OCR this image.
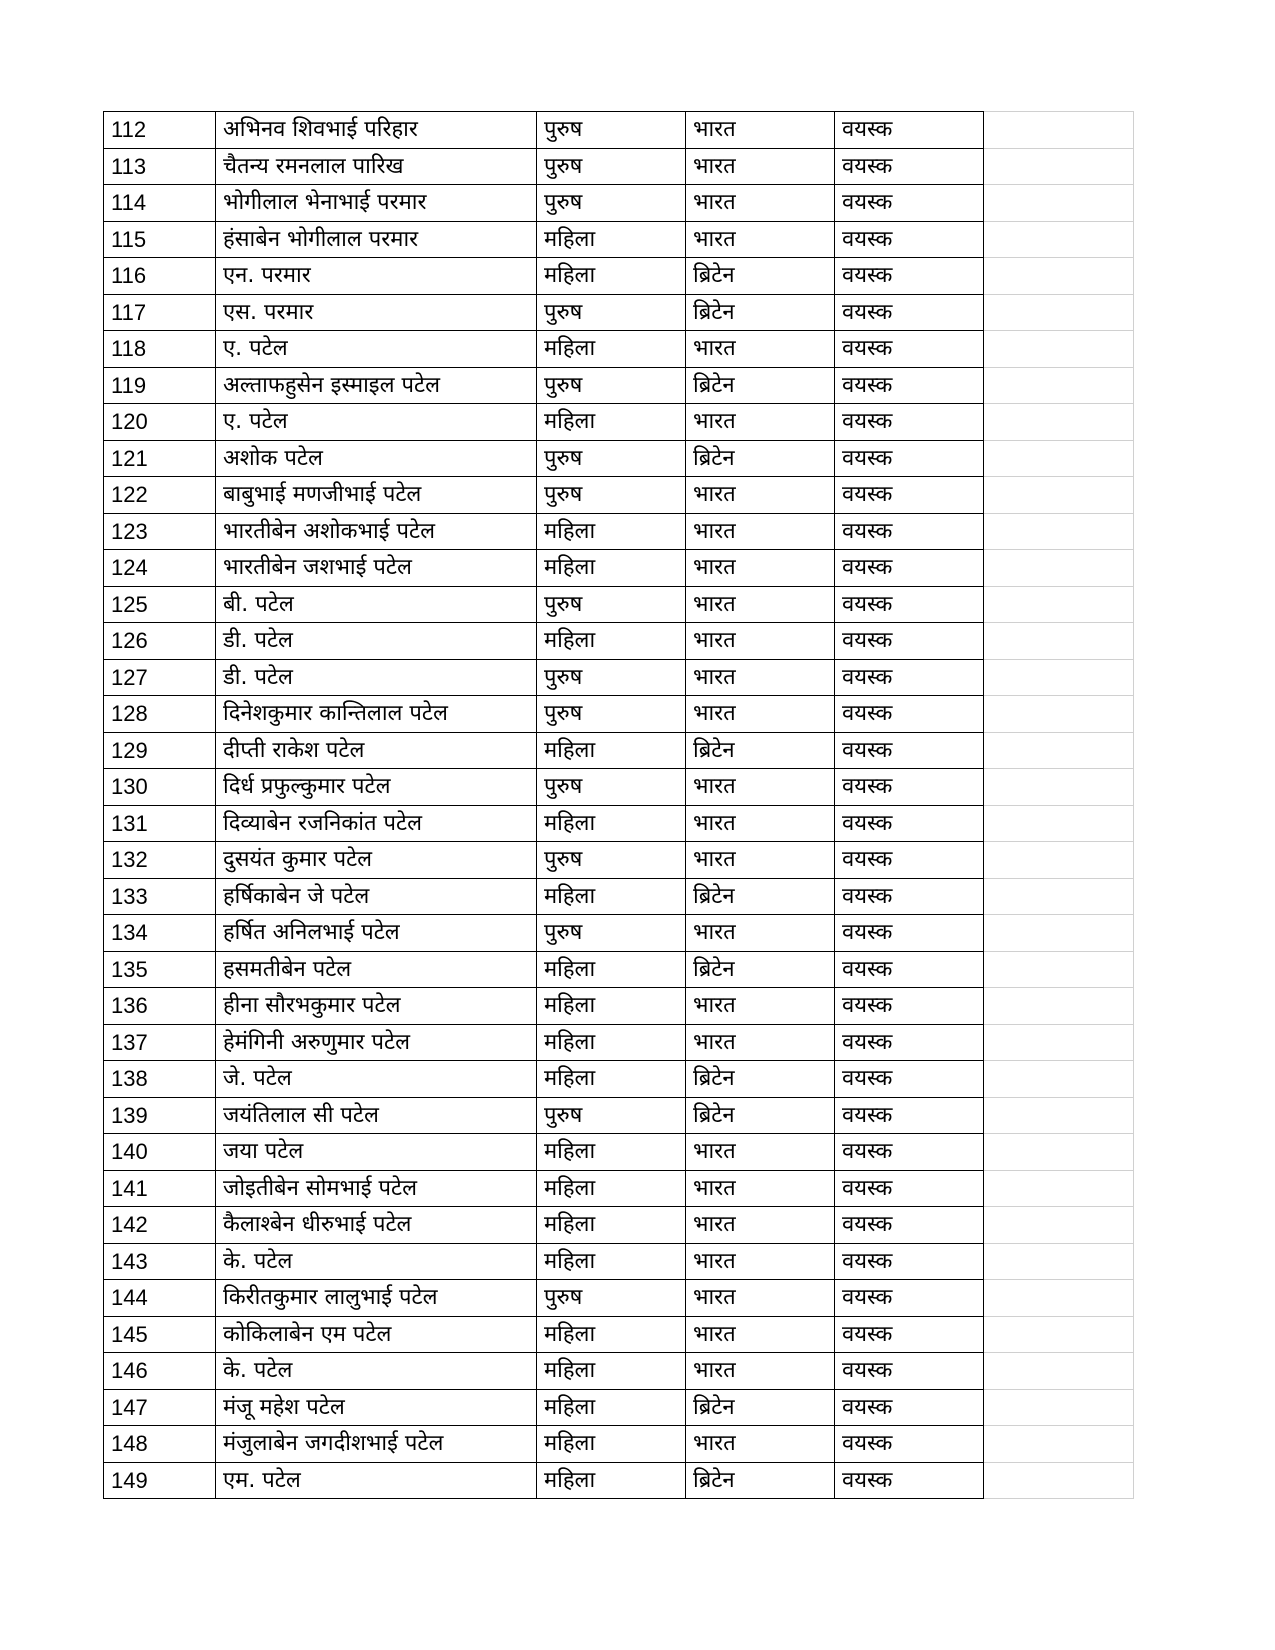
112	अभिनव शिवभाई परिहार	पुरुष	भारत	वयस्क	
113	चैतन्य रमनलाल पारिख	पुरुष	भारत	वयस्क	
114	भोगीलाल भेनाभाई परमार	पुरुष	भारत	वयस्क	
115	हंसाबेन भोगीलाल परमार	महिला	भारत	वयस्क	
116	एन. परमार	महिला	ब्रिटेन	वयस्क	
117	एस. परमार	पुरुष	ब्रिटेन	वयस्क	
118	ए. पटेल	महिला	भारत	वयस्क	
119	अल्ताफहुसेन इस्माइल पटेल	पुरुष	ब्रिटेन	वयस्क	
120	ए. पटेल	महिला	भारत	वयस्क	
121	अशोक पटेल	पुरुष	ब्रिटेन	वयस्क	
122	बाबुभाई मणजीभाई पटेल	पुरुष	भारत	वयस्क	
123	भारतीबेन अशोकभाई पटेल	महिला	भारत	वयस्क	
124	भारतीबेन जशभाई पटेल	महिला	भारत	वयस्क	
125	बी. पटेल	पुरुष	भारत	वयस्क	
126	डी. पटेल	महिला	भारत	वयस्क	
127	डी. पटेल	पुरुष	भारत	वयस्क	
128	दिनेशकुमार कान्तिलाल पटेल	पुरुष	भारत	वयस्क	
129	दीप्ती राकेश पटेल	महिला	ब्रिटेन	वयस्क	
130	दिर्ध प्रफुल्कुमार पटेल	पुरुष	भारत	वयस्क	
131	दिव्याबेन रजनिकांत पटेल	महिला	भारत	वयस्क	
132	दुसयंत कुमार पटेल	पुरुष	भारत	वयस्क	
133	हर्षिकाबेन जे पटेल	महिला	ब्रिटेन	वयस्क	
134	हर्षित अनिलभाई पटेल	पुरुष	भारत	वयस्क	
135	हसमतीबेन पटेल	महिला	ब्रिटेन	वयस्क	
136	हीना सौरभकुमार पटेल	महिला	भारत	वयस्क	
137	हेमंगिनी अरुणुमार पटेल	महिला	भारत	वयस्क	
138	जे. पटेल	महिला	ब्रिटेन	वयस्क	
139	जयंतिलाल सी पटेल	पुरुष	ब्रिटेन	वयस्क	
140	जया पटेल	महिला	भारत	वयस्क	
141	जोइतीबेन सोमभाई पटेल	महिला	भारत	वयस्क	
142	कैलाश्बेन धीरुभाई पटेल	महिला	भारत	वयस्क	
143	के. पटेल	महिला	भारत	वयस्क	
144	किरीतकुमार लालुभाई पटेल	पुरुष	भारत	वयस्क	
145	कोकिलाबेन एम पटेल	महिला	भारत	वयस्क	
146	के. पटेल	महिला	भारत	वयस्क	
147	मंजू महेश पटेल	महिला	ब्रिटेन	वयस्क	
148	मंजुलाबेन जगदीशभाई पटेल	महिला	भारत	वयस्क	
149	एम. पटेल	महिला	ब्रिटेन	वयस्क	
